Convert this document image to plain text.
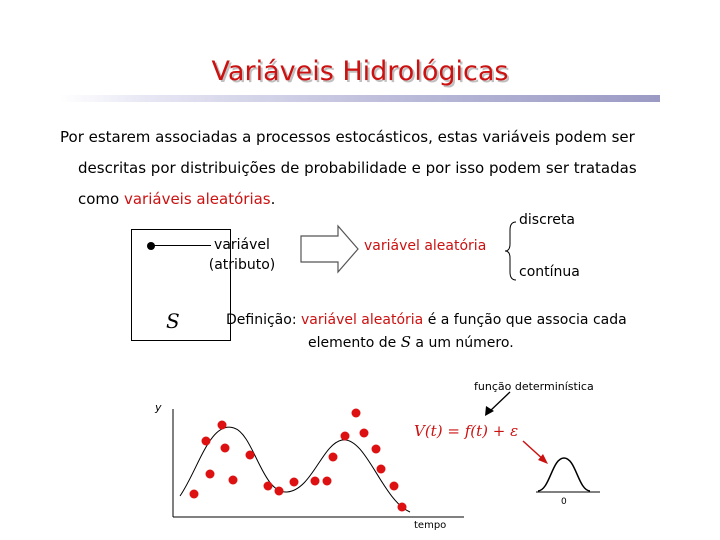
Variáveis Hidrológicas
Por estarem associadas a processos estocásticos, estas variáveis podem ser
descritas por distribuições de probabilidade e por isso podem ser tratadas
como variáveis aleatórias.
S
variável
(atributo)
variável aleatória
discreta
contínua
Definição: variável aleatória é a função que associa cada
elemento de S a um número.
função determinística
y
tempo
0
V(t) = f(t) + ε
